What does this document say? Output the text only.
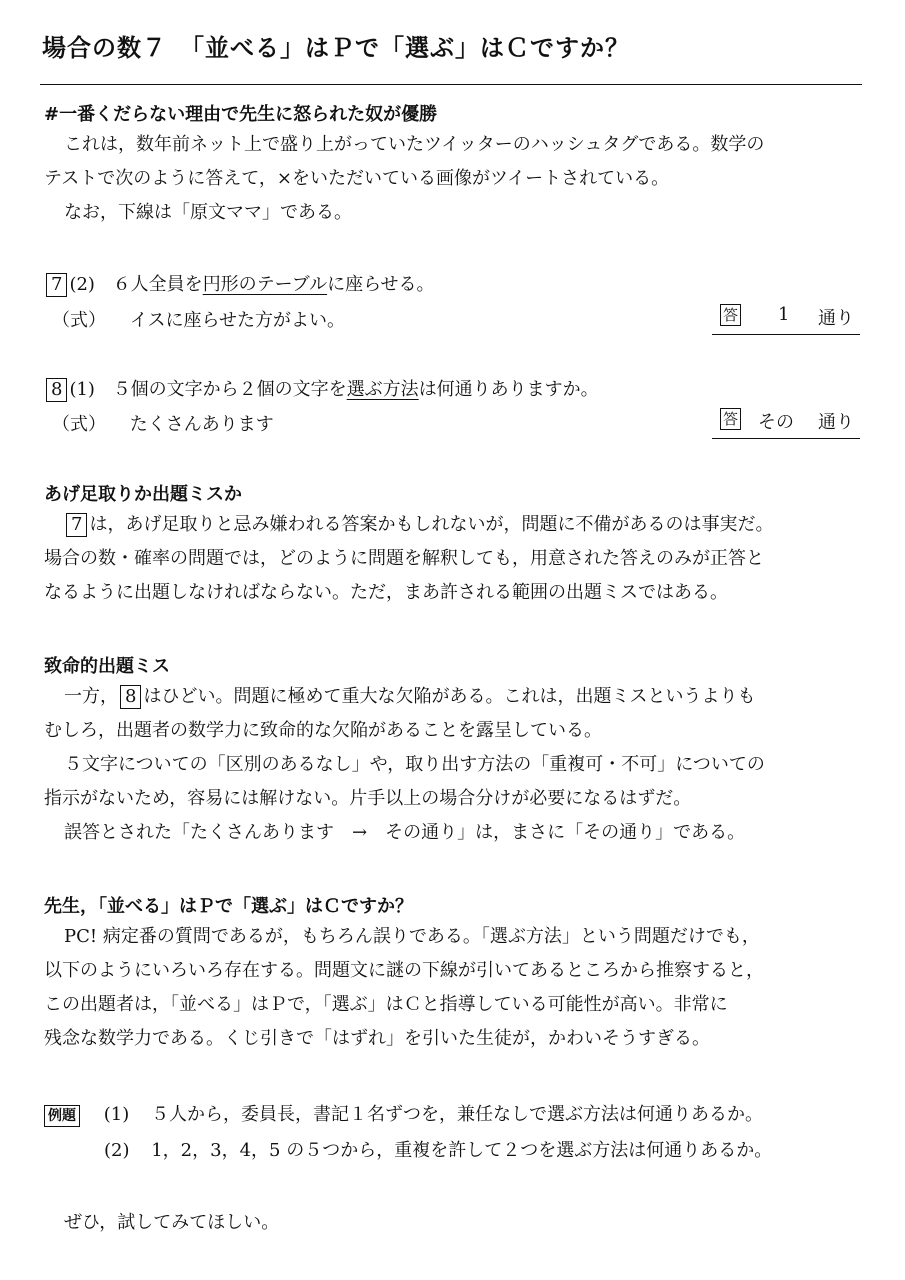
場合の数７　「並べる」はＰで「選ぶ」はＣですか？
#一番くだらない理由で先生に怒られた奴が優勝

これは，数年前ネット上で盛り上がっていたツイッターのハッシュタグである。数学の

テストで次のように答えて，×をいただいている画像がツイートされている。

なお，下線は「原文ママ」である。

7 (2) ６人全員を円形のテーブルに座らせる。
（式） イスに座らせた方がよい。	答 1 通り
8 (1) ５個の文字から２個の文字を選ぶ方法は何通りありますか。
（式） たくさんあります	答 その 通り
あげ足取りか出題ミスか

7 は，あげ足取りと忌み嫌われる答案かもしれないが，問題に不備があるのは事実だ。

場合の数・確率の問題では，どのように問題を解釈しても，用意された答えのみが正答と

なるように出題しなければならない。ただ，まあ許される範囲の出題ミスではある。

致命的出題ミス

一方， 8 はひどい。問題に極めて重大な欠陥がある。これは，出題ミスというよりも

むしろ，出題者の数学力に致命的な欠陥があることを露呈している。

５文字についての「区別のあるなし」や，取り出す方法の「重複可・不可」についての

指示がないため，容易には解けない。片手以上の場合分けが必要になるはずだ。

誤答とされた「たくさんあります　→　その通り」は，まさに「その通り」である。

先生，「並べる」はＰで「選ぶ」はＣですか？

PC! 病定番の質問であるが，もちろん誤りである。「選ぶ方法」という問題だけでも，

以下のようにいろいろ存在する。問題文に謎の下線が引いてあるところから推察すると，

この出題者は，「並べる」はＰで，「選ぶ」はＣと指導している可能性が高い。非常に

残念な数学力である。くじ引きで「はずれ」を引いた生徒が，かわいそうすぎる。

例題 (1) ５人から，委員長，書記１名ずつを，兼任なしで選ぶ方法は何通りあるか。
(2) 1，2，3，4，5 の５つから，重複を許して２つを選ぶ方法は何通りあるか。
ぜひ，試してみてほしい。
